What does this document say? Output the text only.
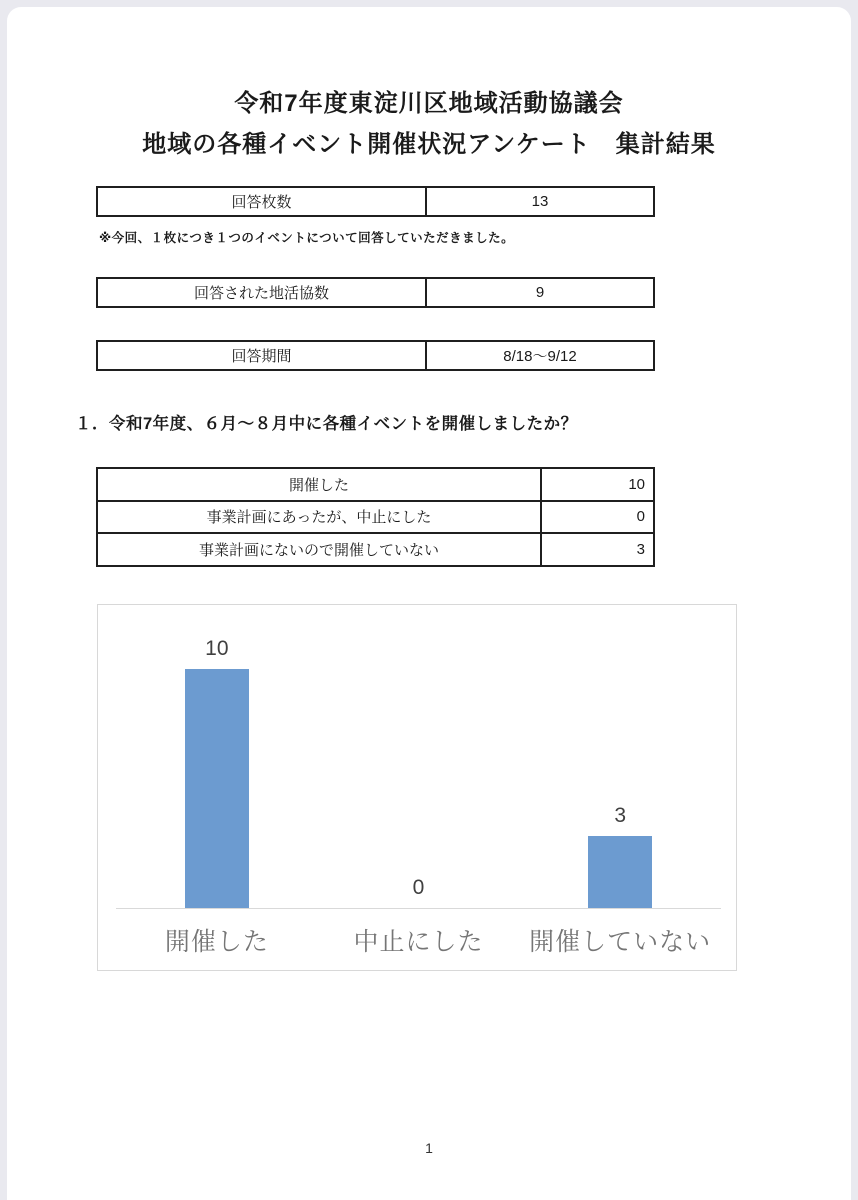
令和7年度東淀川区地域活動協議会
地域の各種イベント開催状況アンケート　集計結果
回答枚数	13
※今回、１枚につき１つのイベントについて回答していただきました。
回答された地活協数	9
回答期間	8/18～9/12
１．令和7年度、６月～８月中に各種イベントを開催しましたか？
開催した	10
事業計画にあったが、中止にした	0
事業計画にないので開催していない	3
10
0
3
開催した	中止にした	開催していない
1
